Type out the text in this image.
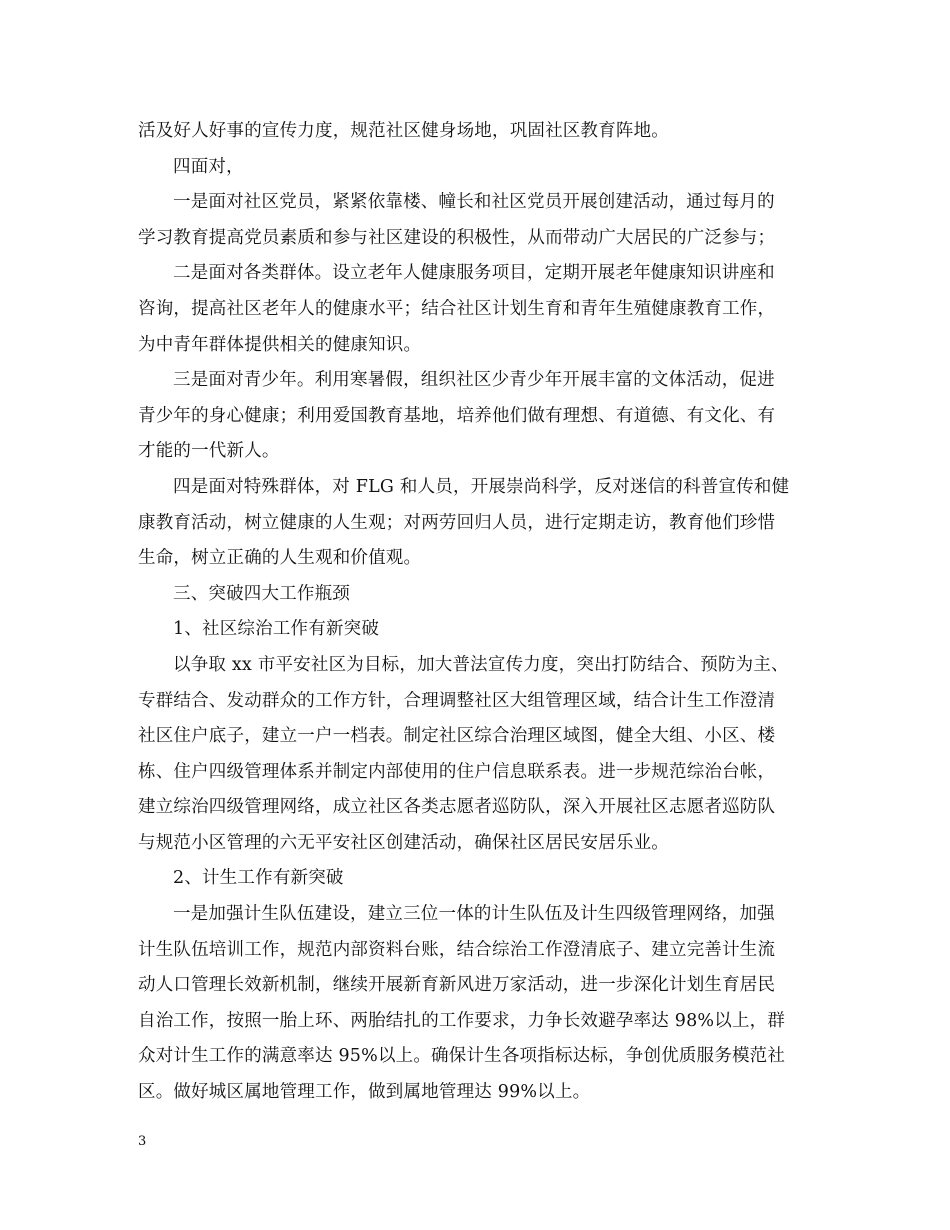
活及好人好事的宣传力度，规范社区健身场地，巩固社区教育阵地。
四面对，
一是面对社区党员，紧紧依靠楼、幢长和社区党员开展创建活动，通过每月的
学习教育提高党员素质和参与社区建设的积极性，从而带动广大居民的广泛参与；
二是面对各类群体。设立老年人健康服务项目，定期开展老年健康知识讲座和
咨询，提高社区老年人的健康水平；结合社区计划生育和青年生殖健康教育工作，
为中青年群体提供相关的健康知识。
三是面对青少年。利用寒暑假，组织社区少青少年开展丰富的文体活动，促进
青少年的身心健康；利用爱国教育基地，培养他们做有理想、有道德、有文化、有
才能的一代新人。
四是面对特殊群体，对 FLG 和人员，开展崇尚科学，反对迷信的科普宣传和健
康教育活动，树立健康的人生观；对两劳回归人员，进行定期走访，教育他们珍惜
生命，树立正确的人生观和价值观。
三、突破四大工作瓶颈
1、社区综治工作有新突破
以争取 xx 市平安社区为目标，加大普法宣传力度，突出打防结合、预防为主、
专群结合、发动群众的工作方针，合理调整社区大组管理区域，结合计生工作澄清
社区住户底子，建立一户一档表。制定社区综合治理区域图，健全大组、小区、楼
栋、住户四级管理体系并制定内部使用的住户信息联系表。进一步规范综治台帐，
建立综治四级管理网络，成立社区各类志愿者巡防队，深入开展社区志愿者巡防队
与规范小区管理的六无平安社区创建活动，确保社区居民安居乐业。
2、计生工作有新突破
一是加强计生队伍建设，建立三位一体的计生队伍及计生四级管理网络，加强
计生队伍培训工作，规范内部资料台账，结合综治工作澄清底子、建立完善计生流
动人口管理长效新机制，继续开展新育新风进万家活动，进一步深化计划生育居民
自治工作，按照一胎上环、两胎结扎的工作要求，力争长效避孕率达 98%以上，群
众对计生工作的满意率达 95%以上。确保计生各项指标达标，争创优质服务模范社
区。做好城区属地管理工作，做到属地管理达 99%以上。
3
